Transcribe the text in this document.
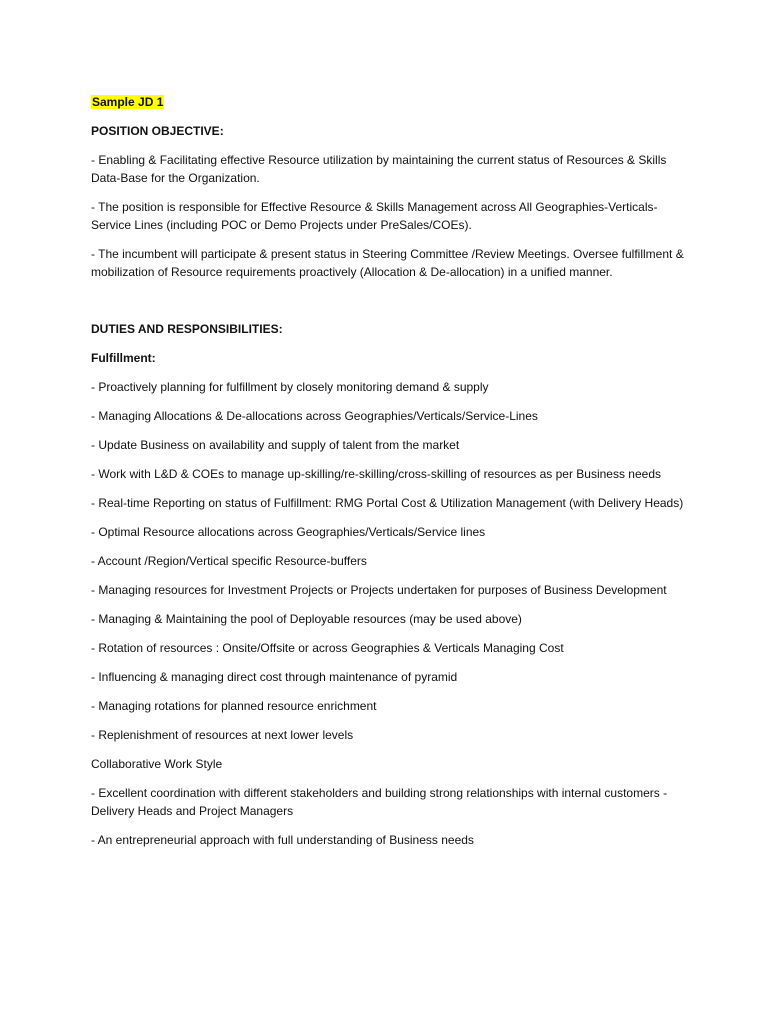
Sample JD 1

POSITION OBJECTIVE:

- Enabling & Facilitating effective Resource utilization by maintaining the current status of Resources & Skills Data-Base for the Organization.

- The position is responsible for Effective Resource & Skills Management across All Geographies-Verticals-Service Lines (including POC or Demo Projects under PreSales/COEs).

- The incumbent will participate & present status in Steering Committee /Review Meetings. Oversee fulfillment & mobilization of Resource requirements proactively (Allocation & De-allocation) in a unified manner.

DUTIES AND RESPONSIBILITIES:

Fulfillment:

- Proactively planning for fulfillment by closely monitoring demand & supply

- Managing Allocations & De-allocations across Geographies/Verticals/Service-Lines

- Update Business on availability and supply of talent from the market

- Work with L&D & COEs to manage up-skilling/re-skilling/cross-skilling of resources as per Business needs

- Real-time Reporting on status of Fulfillment: RMG Portal Cost & Utilization Management (with Delivery Heads)

- Optimal Resource allocations across Geographies/Verticals/Service lines

- Account /Region/Vertical specific Resource-buffers

- Managing resources for Investment Projects or Projects undertaken for purposes of Business Development

- Managing & Maintaining the pool of Deployable resources (may be used above)

- Rotation of resources : Onsite/Offsite or across Geographies & Verticals Managing Cost

- Influencing & managing direct cost through maintenance of pyramid

- Managing rotations for planned resource enrichment

- Replenishment of resources at next lower levels

Collaborative Work Style

- Excellent coordination with different stakeholders and building strong relationships with internal customers - Delivery Heads and Project Managers

- An entrepreneurial approach with full understanding of Business needs
